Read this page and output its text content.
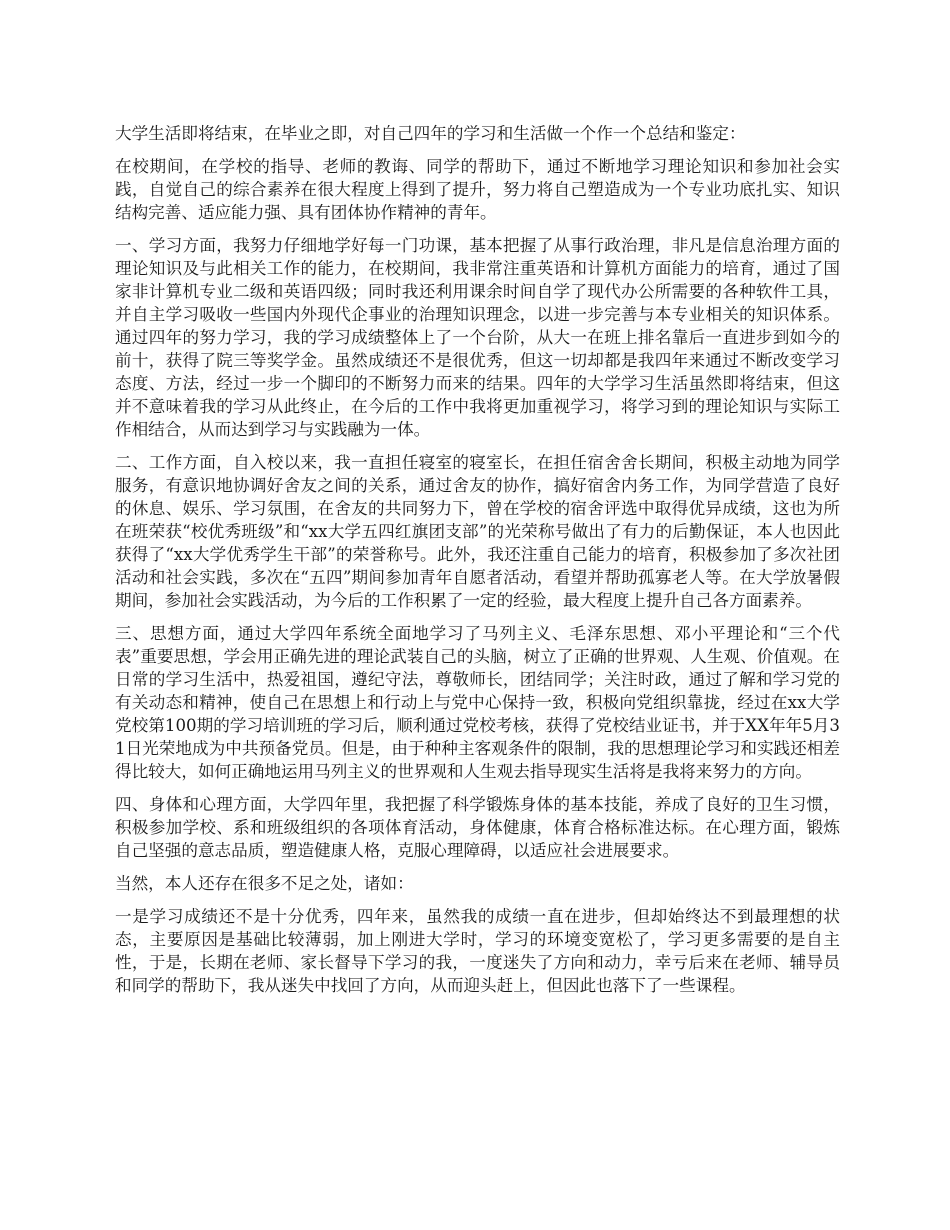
大学生活即将结束，在毕业之即，对自己四年的学习和生活做一个作一个总结和鉴定：

在校期间，在学校的指导、老师的教诲、同学的帮助下，通过不断地学习理论知识和参加社会实践，自觉自己的综合素养在很大程度上得到了提升，努力将自己塑造成为一个专业功底扎实、知识结构完善、适应能力强、具有团体协作精神的青年。

一、学习方面，我努力仔细地学好每一门功课，基本把握了从事行政治理，非凡是信息治理方面的理论知识及与此相关工作的能力，在校期间，我非常注重英语和计算机方面能力的培育，通过了国家非计算机专业二级和英语四级；同时我还利用课余时间自学了现代办公所需要的各种软件工具，并自主学习吸收一些国内外现代企事业的治理知识理念，以进一步完善与本专业相关的知识体系。通过四年的努力学习，我的学习成绩整体上了一个台阶，从大一在班上排名靠后一直进步到如今的前十，获得了院三等奖学金。虽然成绩还不是很优秀，但这一切却都是我四年来通过不断改变学习态度、方法，经过一步一个脚印的不断努力而来的结果。四年的大学学习生活虽然即将结束，但这并不意味着我的学习从此终止，在今后的工作中我将更加重视学习，将学习到的理论知识与实际工作相结合，从而达到学习与实践融为一体。

二、工作方面，自入校以来，我一直担任寝室的寝室长，在担任宿舍舍长期间，积极主动地为同学服务，有意识地协调好舍友之间的关系，通过舍友的协作，搞好宿舍内务工作，为同学营造了良好的休息、娱乐、学习氛围，在舍友的共同努力下，曾在学校的宿舍评选中取得优异成绩，这也为所在班荣获“校优秀班级”和“xx大学五四红旗团支部”的光荣称号做出了有力的后勤保证，本人也因此获得了“xx大学优秀学生干部”的荣誉称号。此外，我还注重自己能力的培育，积极参加了多次社团活动和社会实践，多次在“五四”期间参加青年自愿者活动，看望并帮助孤寡老人等。在大学放暑假期间，参加社会实践活动，为今后的工作积累了一定的经验，最大程度上提升自己各方面素养。

三、思想方面，通过大学四年系统全面地学习了马列主义、毛泽东思想、邓小平理论和“三个代表”重要思想，学会用正确先进的理论武装自己的头脑，树立了正确的世界观、人生观、价值观。在日常的学习生活中，热爱祖国，遵纪守法，尊敬师长，团结同学；关注时政，通过了解和学习党的有关动态和精神，使自己在思想上和行动上与党中心保持一致，积极向党组织靠拢，经过在xx大学党校第100期的学习培训班的学习后，顺利通过党校考核，获得了党校结业证书，并于XX年年5月31日光荣地成为中共预备党员。但是，由于种种主客观条件的限制，我的思想理论学习和实践还相差得比较大，如何正确地运用马列主义的世界观和人生观去指导现实生活将是我将来努力的方向。

四、身体和心理方面，大学四年里，我把握了科学锻炼身体的基本技能，养成了良好的卫生习惯，积极参加学校、系和班级组织的各项体育活动，身体健康，体育合格标准达标。在心理方面，锻炼自己坚强的意志品质，塑造健康人格，克服心理障碍，以适应社会进展要求。

当然，本人还存在很多不足之处，诸如：

一是学习成绩还不是十分优秀，四年来，虽然我的成绩一直在进步，但却始终达不到最理想的状态，主要原因是基础比较薄弱，加上刚进大学时，学习的环境变宽松了，学习更多需要的是自主性，于是，长期在老师、家长督导下学习的我，一度迷失了方向和动力，幸亏后来在老师、辅导员和同学的帮助下，我从迷失中找回了方向，从而迎头赶上，但因此也落下了一些课程。
